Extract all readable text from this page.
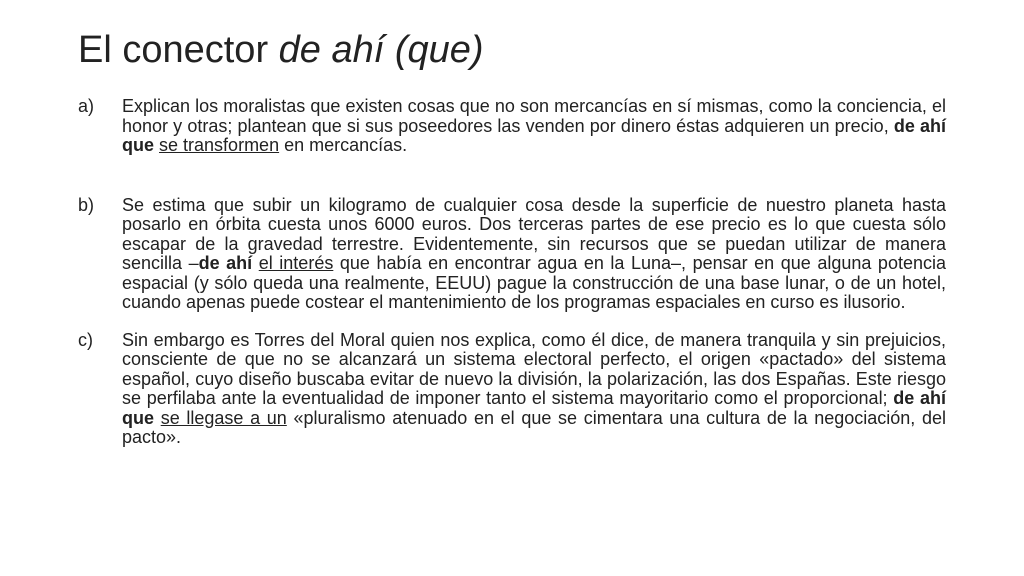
El conector de ahí (que)
a) Explican los moralistas que existen cosas que no son mercancías en sí mismas, como la conciencia, el honor y otras; plantean que si sus poseedores las venden por dinero éstas adquieren un precio, de ahí que se transformen en mercancías.
b) Se estima que subir un kilogramo de cualquier cosa desde la superficie de nuestro planeta hasta posarlo en órbita cuesta unos 6000 euros. Dos terceras partes de ese precio es lo que cuesta sólo escapar de la gravedad terrestre. Evidentemente, sin recursos que se puedan utilizar de manera sencilla –de ahí el interés que había en encontrar agua en la Luna–, pensar en que alguna potencia espacial (y sólo queda una realmente, EEUU) pague la construcción de una base lunar, o de un hotel, cuando apenas puede costear el mantenimiento de los programas espaciales en curso es ilusorio.
c) Sin embargo es Torres del Moral quien nos explica, como él dice, de manera tranquila y sin prejuicios, consciente de que no se alcanzará un sistema electoral perfecto, el origen «pactado» del sistema español, cuyo diseño buscaba evitar de nuevo la división, la polarización, las dos Españas. Este riesgo se perfilaba ante la eventualidad de imponer tanto el sistema mayoritario como el proporcional; de ahí que se llegase a un «pluralismo atenuado en el que se cimentara una cultura de la negociación, del pacto».
